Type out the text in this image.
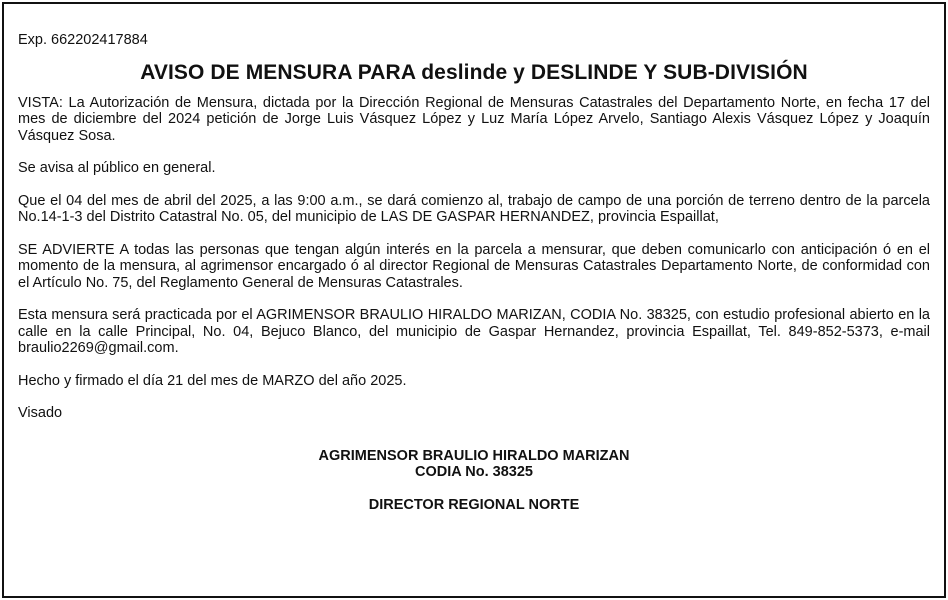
Exp. 662202417884
AVISO DE MENSURA PARA deslinde y DESLINDE Y SUB-DIVISIÓN

VISTA: La Autorización de Mensura, dictada por la Dirección Regional de Mensuras Catastrales del Departamento Norte, en fecha 17 del mes de diciembre del 2024 petición de Jorge Luis Vásquez López y Luz María López Arvelo, Santiago Alexis Vásquez López y Joaquín Vásquez Sosa.

Se avisa al público en general.

Que el 04 del mes de abril del 2025, a las 9:00 a.m., se dará comienzo al, trabajo de campo de una porción de terreno dentro de la parcela No.14-1-3 del Distrito Catastral No. 05, del municipio de LAS DE GASPAR HERNANDEZ, provincia Espaillat,

SE ADVIERTE A todas las personas que tengan algún interés en la parcela a mensurar, que deben comunicarlo con anticipación ó en el momento de la mensura, al agrimensor encargado ó al director Regional de Mensuras Catastrales Departamento Norte, de conformidad con el Artículo No. 75, del Reglamento General de Mensuras Catastrales.

Esta mensura será practicada por el AGRIMENSOR BRAULIO HIRALDO MARIZAN, CODIA No. 38325, con estudio profesional abierto en la calle en la calle Principal, No. 04, Bejuco Blanco, del municipio de Gaspar Hernandez, provincia Espaillat, Tel. 849-852-5373, e-mail braulio2269@gmail.com.

Hecho y firmado el día 21 del mes de MARZO del año 2025.

Visado

AGRIMENSOR BRAULIO HIRALDO MARIZAN
CODIA No. 38325
DIRECTOR REGIONAL NORTE
